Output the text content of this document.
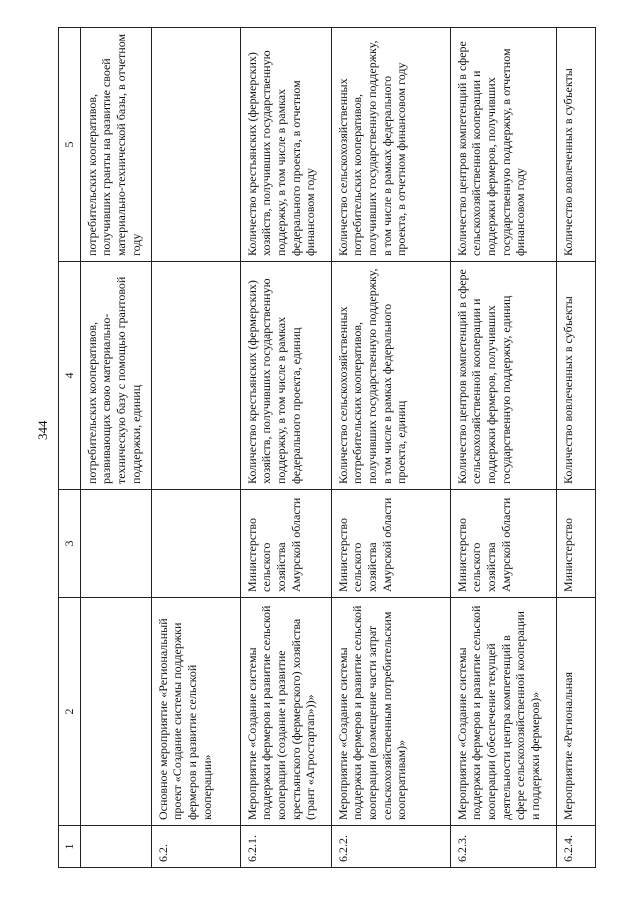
344
1	2	3	4	5
			потребительских кооперативов, развивающих свою материально-техническую базу с помощью грантовой поддержки, единиц	потребительских кооперативов, получивших гранты на развитие своей материально-технической базы, в отчетном году
6.2.	Основное мероприятие «Региональный проект «Создание системы поддержки фермеров и развитие сельской кооперации»			
6.2.1.	Мероприятие «Создание системы поддержки фермеров и развитие сельской кооперации (создание и развитие крестьянского (фермерского) хозяйства (грант «Агростартап»))»	Министерство сельского хозяйства Амурской области	Количество крестьянских (фермерских) хозяйств, получивших государственную поддержку, в том числе в рамках федерального проекта, единиц	Количество крестьянских (фермерских) хозяйств, получивших государственную поддержку, в том числе в рамках федерального проекта, в отчетном финансовом году
6.2.2.	Мероприятие «Создание системы поддержки фермеров и развитие сельской кооперации (возмещение части затрат сельскохозяйственным потребительским кооперативам)»	Министерство сельского хозяйства Амурской области	Количество сельскохозяйственных потребительских кооперативов, получивших государственную поддержку, в том числе в рамках федерального проекта, единиц	Количество сельскохозяйственных потребительских кооперативов, получивших государственную поддержку, в том числе в рамках федерального проекта, в отчетном финансовом году
6.2.3.	Мероприятие «Создание системы поддержки фермеров и развитие сельской кооперации (обеспечение текущей деятельности центра компетенций в сфере сельскохозяйственной кооперации и поддержки фермеров)»	Министерство сельского хозяйства Амурской области	Количество центров компетенций в сфере сельскохозяйственной кооперации и поддержки фермеров, получивших государственную поддержку, единиц	Количество центров компетенций в сфере сельскохозяйственной кооперации и поддержки фермеров, получивших государственную поддержку, в отчетном финансовом году
6.2.4.	Мероприятие «Региональная	Министерство	Количество вовлеченных в субъекты	Количество вовлеченных в субъекты
